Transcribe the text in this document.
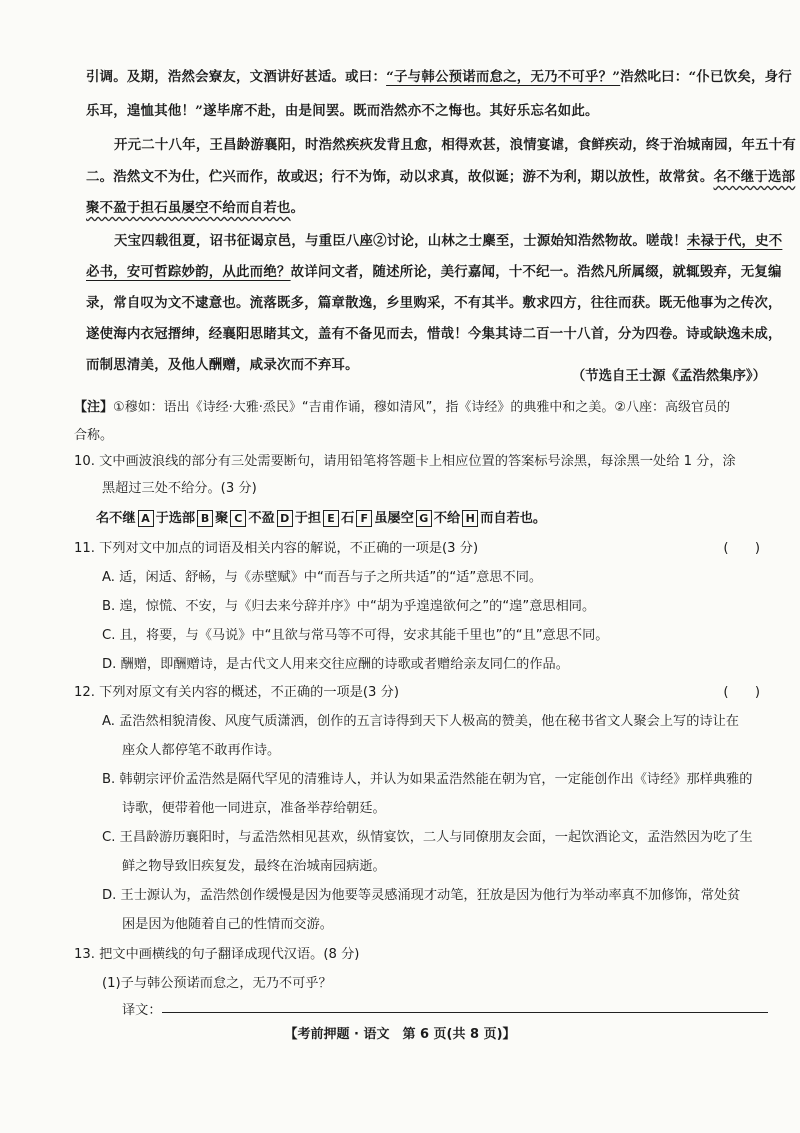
引调。及期，浩然会寮友，文酒讲好甚适。或曰：“子与韩公预诺而怠之，无乃不可乎？”浩然叱曰：“仆已饮矣，身行
乐耳，遑恤其他！”遂毕席不赴，由是间罢。既而浩然亦不之悔也。其好乐忘名如此。
开元二十八年，王昌龄游襄阳，时浩然疾疢发背且愈，相得欢甚，浪情宴谑，食鲜疾动，终于治城南园，年五十有
二。浩然文不为仕，伫兴而作，故或迟；行不为饰，动以求真，故似诞；游不为利，期以放性，故常贫。名不继于选部
聚不盈于担石虽屡空不给而自若也。
天宝四载徂夏，诏书征谒京邑，与重臣八座②讨论，山林之士麇至，士源始知浩然物故。嗟哉！未禄于代，史不
必书，安可哲踪妙韵，从此而绝？故详问文者，随述所论，美行嘉闻，十不纪一。浩然凡所属缀，就辄毁弃，无复编
录，常自叹为文不逮意也。流落既多，篇章散逸，乡里购采，不有其半。敷求四方，往往而获。既无他事为之传次，
遂使海内衣冠搢绅，经襄阳思睹其文，盖有不备见而去，惜哉！今集其诗二百一十八首，分为四卷。诗或缺逸未成，
而制思清美，及他人酬赠，咸录次而不弃耳。
（节选自王士源《孟浩然集序》）
【注】①穆如：语出《诗经·大雅·烝民》“吉甫作诵，穆如清风”，指《诗经》的典雅中和之美。②八座：高级官员的
合称。
10. 文中画波浪线的部分有三处需要断句，请用铅笔将答题卡上相应位置的答案标号涂黑，每涂黑一处给 1 分，涂
黑超过三处不给分。(3 分)
名不继 A 于选部 B 聚 C 不盈 D 于担 E 石 F 虽屡空 G 不给 H 而自若也。
11. 下列对文中加点的词语及相关内容的解说，不正确的一项是(3 分)	(　　)
A. 适，闲适、舒畅，与《赤壁赋》中“而吾与子之所共适”的“适”意思不同。
B. 遑，惊慌、不安，与《归去来兮辞并序》中“胡为乎遑遑欲何之”的“遑”意思相同。
C. 且，将要，与《马说》中“且欲与常马等不可得，安求其能千里也”的“且”意思不同。
D. 酬赠，即酬赠诗，是古代文人用来交往应酬的诗歌或者赠给亲友同仁的作品。
12. 下列对原文有关内容的概述，不正确的一项是(3 分)	(　　)
A. 孟浩然相貌清俊、风度气质潇洒，创作的五言诗得到天下人极高的赞美，他在秘书省文人聚会上写的诗让在
座众人都停笔不敢再作诗。
B. 韩朝宗评价孟浩然是隔代罕见的清雅诗人，并认为如果孟浩然能在朝为官，一定能创作出《诗经》那样典雅的
诗歌，便带着他一同进京，准备举荐给朝廷。
C. 王昌龄游历襄阳时，与孟浩然相见甚欢，纵情宴饮，二人与同僚朋友会面，一起饮酒论文，孟浩然因为吃了生
鲜之物导致旧疾复发，最终在治城南园病逝。
D. 王士源认为，孟浩然创作缓慢是因为他要等灵感涌现才动笔，狂放是因为他行为举动率真不加修饰，常处贫
困是因为他随着自己的性情而交游。
13. 把文中画横线的句子翻译成现代汉语。(8 分)
(1)子与韩公预诺而怠之，无乃不可乎？
译文：
【考前押题 · 语文　第 6 页(共 8 页)】
